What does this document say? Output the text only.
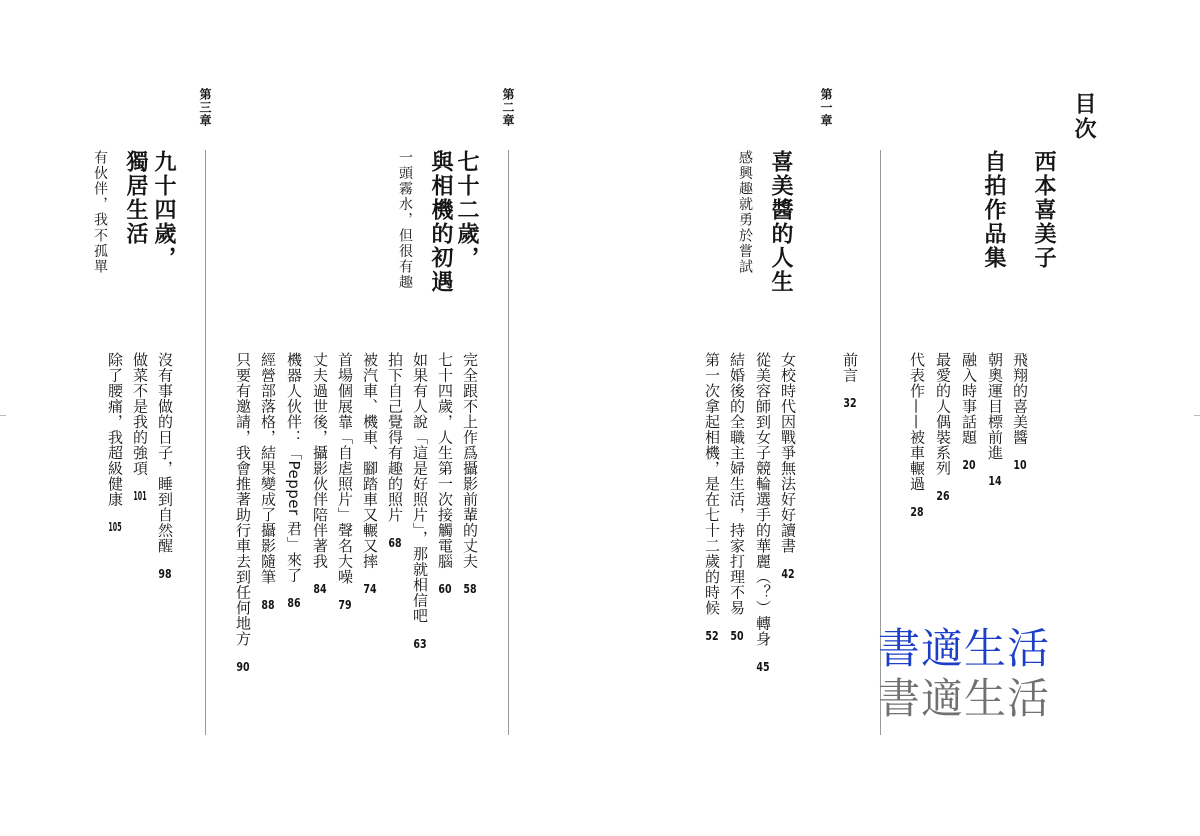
目次
西本喜美子
自拍作品集
飛翔的喜美醬10
朝奧運目標前進14
融入時事話題20
最愛的人偶裝系列26
代表作——被車輾過28
前言32
第一章
喜美醬的人生
感興趣就勇於嘗試
女校時代因戰爭無法好好讀書42
從美容師到女子競輪選手的華麗（？）轉身45
結婚後的全職主婦生活，持家打理不易50
第一次拿起相機，是在七十二歲的時候52
第二章
七十二歲，
與相機的初遇
一頭霧水，但很有趣
完全跟不上作爲攝影前輩的丈夫58
七十四歲，人生第一次接觸電腦60
如果有人說「這是好照片」，那就相信吧63
拍下自己覺得有趣的照片68
被汽車、機車、腳踏車又輾又摔74
首場個展靠「自虐照片」聲名大噪79
丈夫過世後，攝影伙伴陪伴著我84
機器人伙伴：「Pepper 君」來了86
經營部落格，結果變成了攝影隨筆88
只要有邀請，我會推著助行車去到任何地方90
第三章
九十四歲，
獨居生活
有伙伴，我不孤單
沒有事做的日子，睡到自然醒98
做菜不是我的強項101
除了腰痛，我超級健康105
書適生活
書適生活
